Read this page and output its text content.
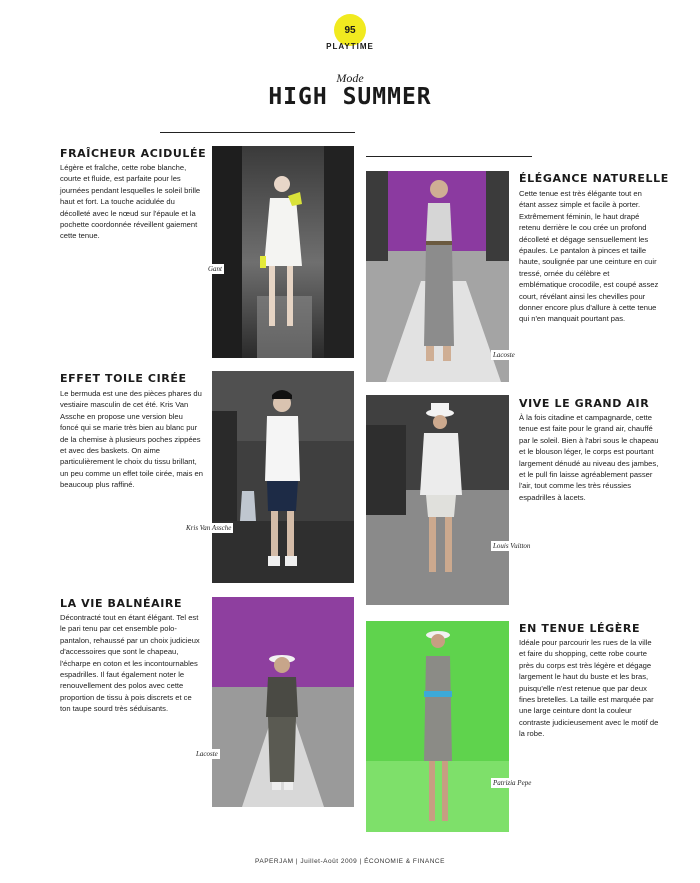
95
PLAYTIME
Mode
HIGH SUMMER
FRAÎCHEUR ACIDULÉE
Légère et fraîche, cette robe blanche, courte et fluide, est parfaite pour les journées pendant lesquelles le soleil brille haut et fort. La touche acidulée du décolleté avec le nœud sur l'épaule et la pochette coordonnée réveillent gaiement cette tenue.
Gant
EFFET TOILE CIRÉE
Le bermuda est une des pièces phares du vestiaire masculin de cet été. Kris Van Assche en propose une version bleu foncé qui se marie très bien au blanc pur de la chemise à plusieurs poches zippées et avec des baskets. On aime particulièrement le choix du tissu brillant, un peu comme un effet toile cirée, mais en beaucoup plus raffiné.
Kris Van Assche
LA VIE BALNÉAIRE
Décontracté tout en étant élégant. Tel est le pari tenu par cet ensemble polo-pantalon, rehaussé par un choix judicieux d'accessoires que sont le chapeau, l'écharpe en coton et les incontournables espadrilles. Il faut également noter le renouvellement des polos avec cette proportion de tissu à pois discrets et ce ton taupe sourd très séduisants.
Lacoste
Lacoste
ÉLÉGANCE NATURELLE
Cette tenue est très élégante tout en étant assez simple et facile à porter. Extrêmement féminin, le haut drapé retenu derrière le cou crée un profond décolleté et dégage sensuellement les épaules. Le pantalon à pinces et taille haute, soulignée par une ceinture en cuir tressé, ornée du célèbre et emblématique crocodile, est coupé assez court, révélant ainsi les chevilles pour donner encore plus d'allure à cette tenue qui n'en manquait pourtant pas.
Louis Vuitton
VIVE LE GRAND AIR
À la fois citadine et campagnarde, cette tenue est faite pour le grand air, chauffé par le soleil. Bien à l'abri sous le chapeau et le blouson léger, le corps est pourtant largement dénudé au niveau des jambes, et le pull fin laisse agréablement passer l'air, tout comme les très réussies espadrilles à lacets.
Patrizia Pepe
EN TENUE LÉGÈRE
Idéale pour parcourir les rues de la ville et faire du shopping, cette robe courte près du corps est très légère et dégage largement le haut du buste et les bras, puisqu'elle n'est retenue que par deux fines bretelles. La taille est marquée par une large ceinture dont la couleur contraste judicieusement avec le motif de la robe.
PAPERJAM | Juillet-Août 2009 | ÉCONOMIE & FINANCE
